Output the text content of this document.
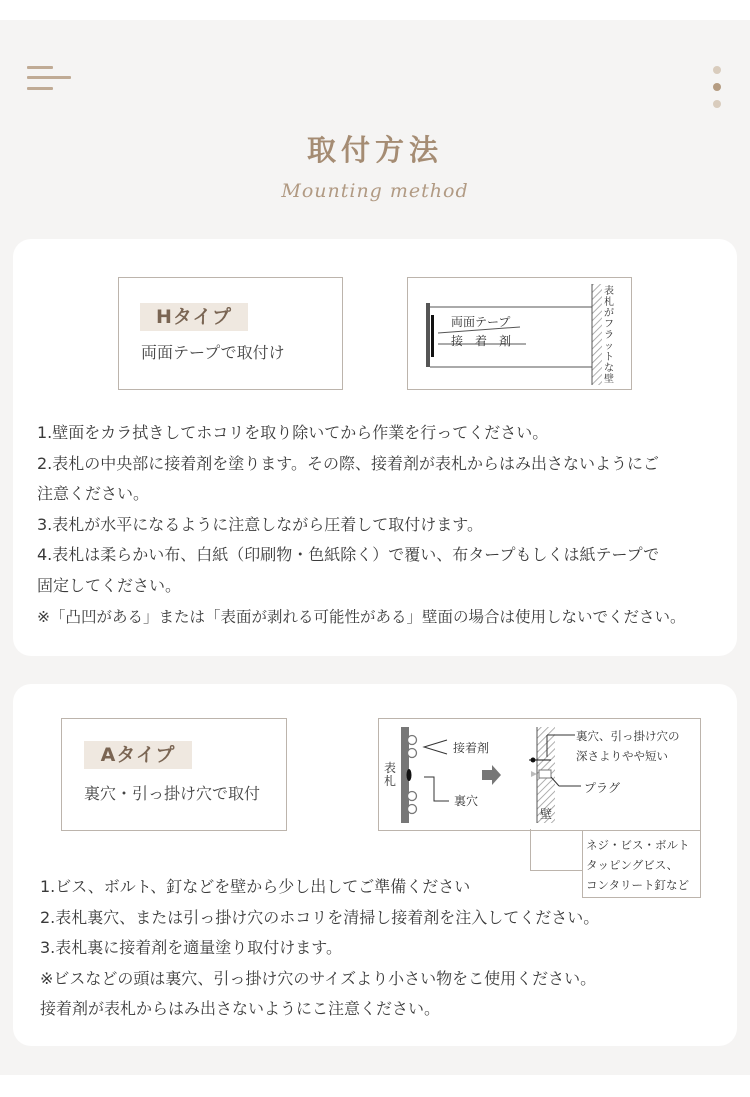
取付方法
Mounting method
Hタイプ
両面テープで取付け
両面テープ
接　着　剤
表
札
が
フ
ラ
ッ
ト
な
壁
1.壁面をカラ拭きしてホコリを取り除いてから作業を行ってください。
2.表札の中央部に接着剤を塗ります。その際、接着剤が表札からはみ出さないようにご
注意ください。
3.表札が水平になるように注意しながら圧着して取付けます。
4.表札は柔らかい布、白紙（印刷物・色紙除く）で覆い、布タープもしくは紙テープで
固定してください。
※「凸凹がある」または「表面が剥れる可能性がある」壁面の場合は使用しないでください。
Aタイプ
裏穴・引っ掛け穴で取付
表
札
接着剤
裏穴
裏穴、引っ掛け穴の
深さよりやや短い
プラグ
壁
ネジ・ビス・ボルト
タッピングビス、
コンタリート釘など
1.ビス、ボルト、釘などを壁から少し出してご準備ください
2.表札裏穴、または引っ掛け穴のホコリを清掃し接着剤を注入してください。
3.表札裏に接着剤を適量塗り取付けます。
※ビスなどの頭は裏穴、引っ掛け穴のサイズより小さい物をこ使用ください。
接着剤が表札からはみ出さないようにこ注意ください。
